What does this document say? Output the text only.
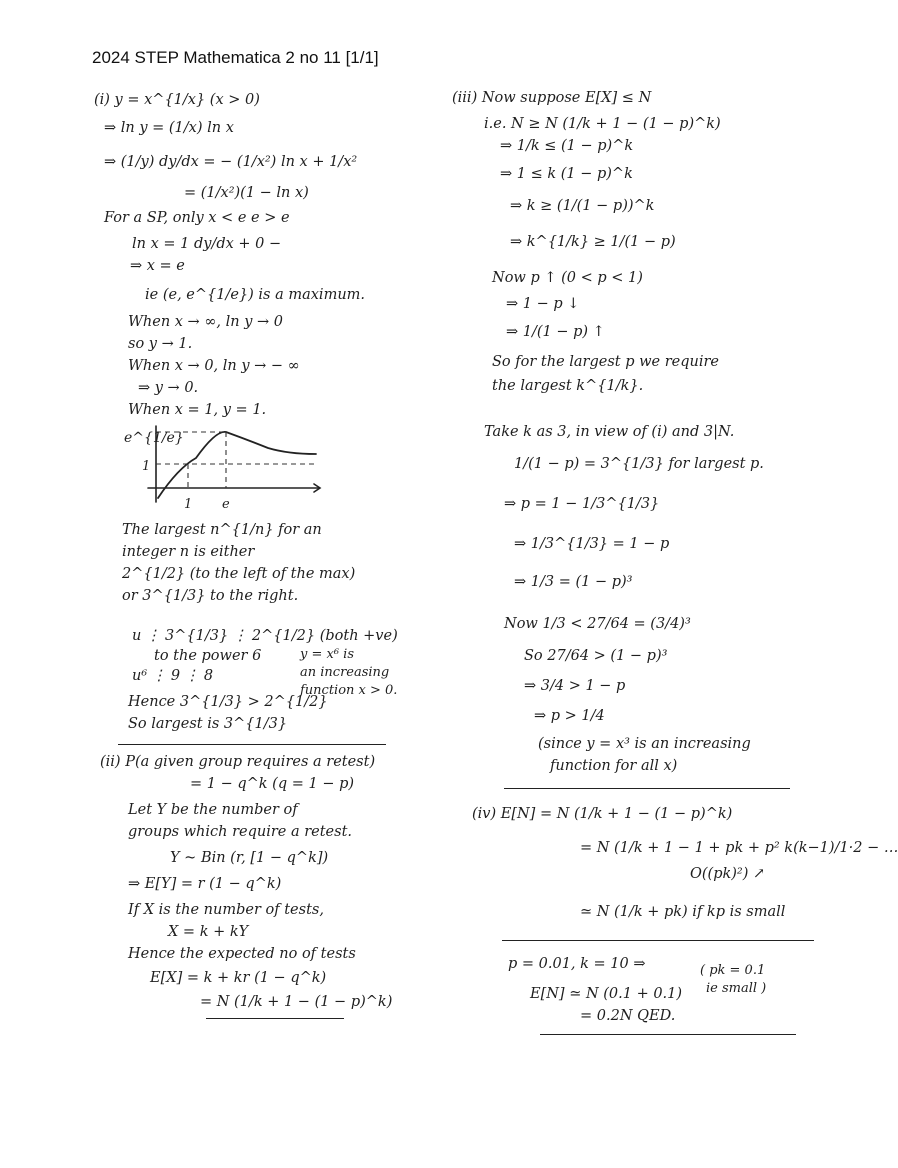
2024 STEP Mathematica 2 no 11 [1/1]
(i) y = x^{1/x} (x > 0)
⇒ ln y = (1/x) ln x
⇒ (1/y) dy/dx = − (1/x²) ln x + 1/x²
= (1/x²)(1 − ln x)
For a SP, only x < e e > e
ln x = 1 dy/dx + 0 −
⇒ x = e
ie (e, e^{1/e}) is a maximum.
When x → ∞, ln y → 0
so y → 1.
When x → 0, ln y → − ∞
⇒ y → 0.
When x = 1, y = 1.
e^{1/e}
1
1 e
The largest n^{1/n} for an
integer n is either
2^{1/2} (to the left of the max)
or 3^{1/3} to the right.
u ⋮ 3^{1/3} ⋮ 2^{1/2} (both +ve)
to the power 6
u⁶ ⋮ 9 ⋮ 8
Hence 3^{1/3} > 2^{1/2}
So largest is 3^{1/3}
y = x⁶ is
an increasing
function x > 0.
(ii) P(a given group requires a retest)
= 1 − q^k (q = 1 − p)
Let Y be the number of
groups which require a retest.
Y ~ Bin (r, [1 − q^k])
⇒ E[Y] = r (1 − q^k)
If X is the number of tests,
X = k + kY
Hence the expected no of tests
E[X] = k + kr (1 − q^k)
= N (1/k + 1 − (1 − p)^k)
(iii) Now suppose E[X] ≤ N
i.e. N ≥ N (1/k + 1 − (1 − p)^k)
⇒ 1/k ≤ (1 − p)^k
⇒ 1 ≤ k (1 − p)^k
⇒ k ≥ (1/(1 − p))^k
⇒ k^{1/k} ≥ 1/(1 − p)
Now p ↑ (0 < p < 1)
⇒ 1 − p ↓
⇒ 1/(1 − p) ↑
So for the largest p we require
the largest k^{1/k}.
Take k as 3, in view of (i) and 3|N.
1/(1 − p) = 3^{1/3} for largest p.
⇒ p = 1 − 1/3^{1/3}
⇒ 1/3^{1/3} = 1 − p
⇒ 1/3 = (1 − p)³
Now 1/3 < 27/64 = (3/4)³
So 27/64 > (1 − p)³
⇒ 3/4 > 1 − p
⇒ p > 1/4
(since y = x³ is an increasing
function for all x)
(iv) E[N] = N (1/k + 1 − (1 − p)^k)
= N (1/k + 1 − 1 + pk + p² k(k−1)/1·2 − …
O((pk)²) ↗
≃ N (1/k + pk) if kp is small
p = 0.01, k = 10 ⇒
E[N] ≃ N (0.1 + 0.1)
( pk = 0.1
ie small )
= 0.2N QED.
